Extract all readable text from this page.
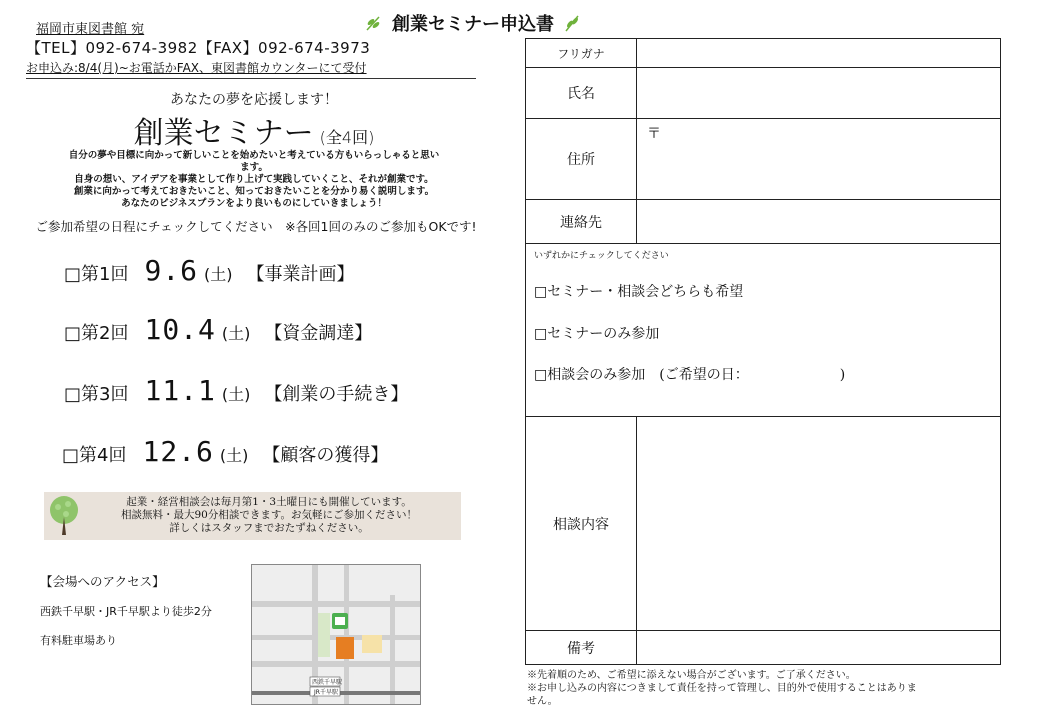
福岡市東図書館 宛
【TEL】092-674-3982【FAX】092-674-3973
お申込み:8/4(月)~お電話かFAX、東図書館カウンターにて受付
創業セミナー申込書
あなたの夢を応援します！
創業セミナー (全4回)
自分の夢や目標に向かって新しいことを始めたいと考えている方もいらっしゃると思い
ます。
自身の想い、アイデアを事業として作り上げて実践していくこと、それが創業です。
創業に向かって考えておきたいこと、知っておきたいことを分かり易く説明します。
あなたのビジネスプランをより良いものにしていきましょう！
ご参加希望の日程にチェックしてください　※各回1回のみのご参加もOKです!
□第1回 9.6 (土) 【事業計画】
□第2回 10.4 (土) 【資金調達】
□第3回 11.1 (土) 【創業の手続き】
□第4回 12.6 (土) 【顧客の獲得】
起業・経営相談会は毎月第1・3土曜日にも開催しています。
相談無料・最大90分相談できます。お気軽にご参加ください！
詳しくはスタッフまでおたずねください。
【会場へのアクセス】
西鉄千早駅・JR千早駅より徒歩2分
有料駐車場あり
西鉄千早駅
JR千早駅
フリガナ
氏名
住所
〒
連絡先
いずれかにチェックしてください
□セミナー・相談会どちらも希望
□セミナーのみ参加
□相談会のみ参加　(ご希望の日：　　　　　　　)
相談内容
備考
※先着順のため、ご希望に添えない場合がございます。ご了承ください。
※お申し込みの内容につきまして責任を持って管理し、目的外で使用することはありま
せん。
